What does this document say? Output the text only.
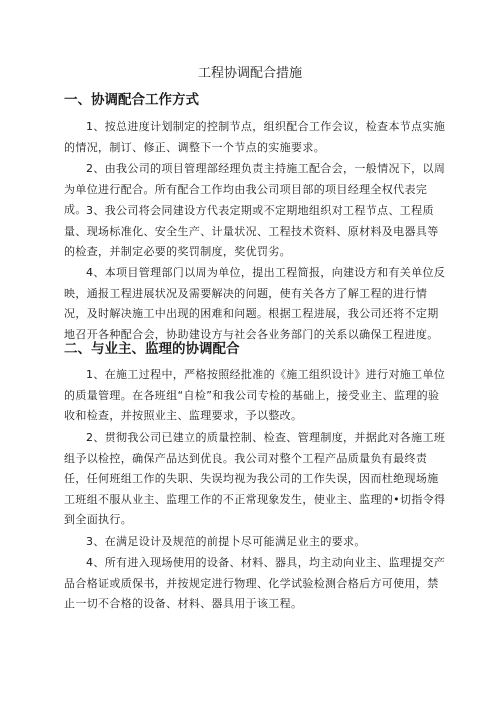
工程协调配合措施
一、协调配合工作方式
1、按总进度计划制定的控制节点，组织配合工作会议，检查本节点实施的情况，制订、修正、调整下一个节点的实施要求。
2、由我公司的项目管理部经理负责主持施工配合会，一般情况下，以周为单位进行配合。所有配合工作均由我公司项目部的项目经理全权代表完成。 3、我公司将会同建设方代表定期或不定期地组织对工程节点、工程质量、现场标准化、安全生产、计量状况、工程技术资料、原材料及电器具等的检查，并制定必要的奖罚制度，奖优罚劣。
4、本项目管理部门以周为单位，提出工程简报，向建设方和有关单位反映，通报工程进展状况及需要解决的问题，使有关各方了解工程的进行情况，及时解决施工中出现的困难和问题。根据工程进展，我公司还将不定期地召开各种配合会，协助建设方与社会各业务部门的关系以确保工程进度。
二、与业主、监理的协调配合
1、在施工过程中，严格按照经批准的《施工组织设计》进行对施工单位的质量管理。在各班组“自检”和我公司专检的基础上，接受业主、监理的验收和检查，并按照业主、监理要求，予以整改。
2、贯彻我公司已建立的质量控制、检查、管理制度，并据此对各施工班组予以检控，确保产品达到优良。我公司对整个工程产品质量负有最终责任，任何班组工作的失职、失误均视为我公司的工作失误，因而杜绝现场施工班组不服从业主、监理工作的不正常现象发生，使业主、监理的•切指令得到全面执行。
3、在满足设计及规范的前提卜尽可能满足业主的要求。
4、所有进入现场使用的设备、材料、器具，均主动向业主、监理提交产品合格证或质保书，并按规定进行物理、化学试验检测合格后方可使用，禁止一切不合格的设备、材料、器具用于该工程。
